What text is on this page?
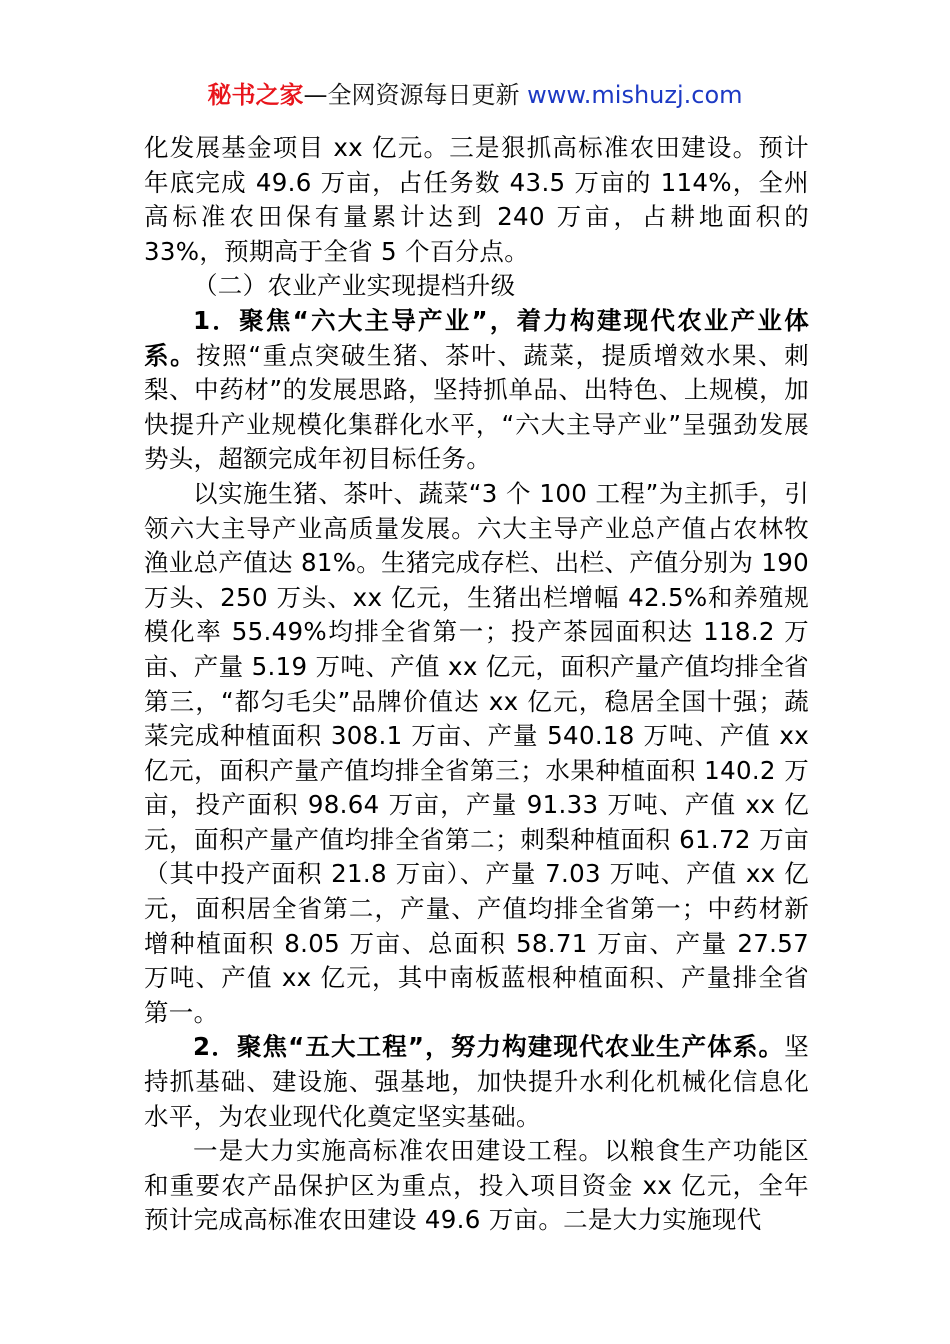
秘书之家—全网资源每日更新 www.mishuzj.com

化发展基金项目 xx 亿元。三是狠抓高标准农田建设。预计年底完成 49.6 万亩，占任务数 43.5 万亩的 114%，全州高标准农田保有量累计达到 240 万亩，占耕地面积的 33%，预期高于全省 5 个百分点。

（二）农业产业实现提档升级

1．聚焦“六大主导产业”，着力构建现代农业产业体系。按照“重点突破生猪、茶叶、蔬菜，提质增效水果、刺梨、中药材”的发展思路，坚持抓单品、出特色、上规模，加快提升产业规模化集群化水平，“六大主导产业”呈强劲发展势头，超额完成年初目标任务。

以实施生猪、茶叶、蔬菜“3 个 100 工程”为主抓手，引领六大主导产业高质量发展。六大主导产业总产值占农林牧渔业总产值达 81%。生猪完成存栏、出栏、产值分别为 190 万头、250 万头、xx 亿元，生猪出栏增幅 42.5%和养殖规模化率 55.49%均排全省第一；投产茶园面积达 118.2 万亩、产量 5.19 万吨、产值 xx 亿元，面积产量产值均排全省第三，“都匀毛尖”品牌价值达 xx 亿元，稳居全国十强；蔬菜完成种植面积 308.1 万亩、产量 540.18 万吨、产值 xx 亿元，面积产量产值均排全省第三；水果种植面积 140.2 万亩，投产面积 98.64 万亩，产量 91.33 万吨、产值 xx 亿元，面积产量产值均排全省第二；刺梨种植面积 61.72 万亩（其中投产面积 21.8 万亩）、产量 7.03 万吨、产值 xx 亿元，面积居全省第二，产量、产值均排全省第一；中药材新增种植面积 8.05 万亩、总面积 58.71 万亩、产量 27.57 万吨、产值 xx 亿元，其中南板蓝根种植面积、产量排全省第一。

2．聚焦“五大工程”，努力构建现代农业生产体系。坚持抓基础、建设施、强基地，加快提升水利化机械化信息化水平，为农业现代化奠定坚实基础。

一是大力实施高标准农田建设工程。以粮食生产功能区和重要农产品保护区为重点，投入项目资金 xx 亿元，全年预计完成高标准农田建设 49.6 万亩。二是大力实施现代
